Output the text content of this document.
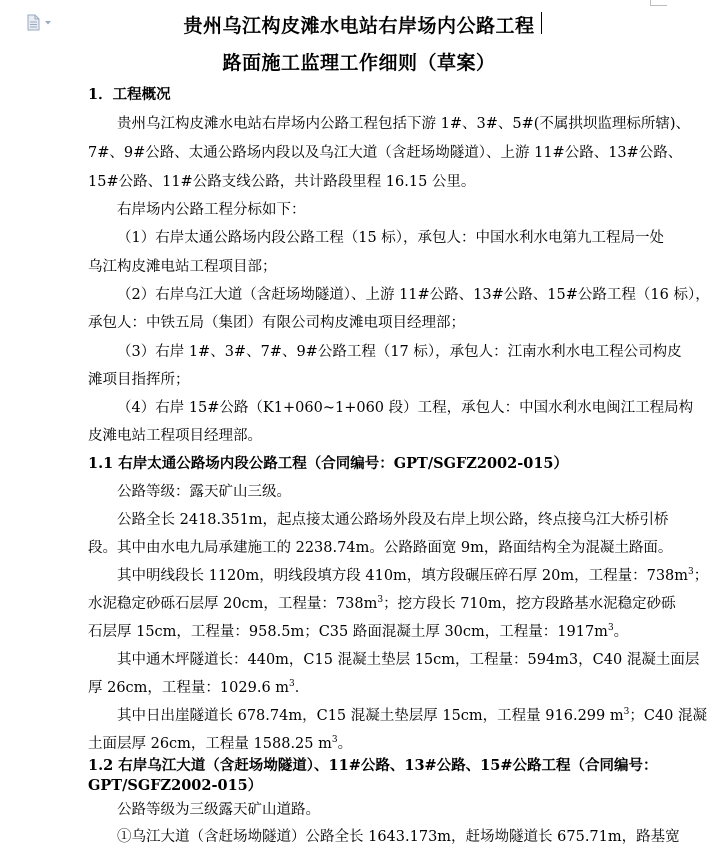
贵州乌江构皮滩水电站右岸场内公路工程
路面施工监理工作细则（草案）
1．工程概况
贵州乌江构皮滩水电站右岸场内公路工程包括下游 1#、3#、5#(不属拱坝监理标所辖)、
7#、9#公路、太通公路场内段以及乌江大道（含赶场坳隧道）、上游 11#公路、13#公路、
15#公路、11#公路支线公路，共计路段里程 16.15 公里。
右岸场内公路工程分标如下：
（1）右岸太通公路场内段公路工程（15 标），承包人：中国水利水电第九工程局一处
乌江构皮滩电站工程项目部；
（2）右岸乌江大道（含赶场坳隧道）、上游 11#公路、13#公路、15#公路工程（16 标），
承包人：中铁五局（集团）有限公司构皮滩电项目经理部；
（3）右岸 1#、3#、7#、9#公路工程（17 标），承包人：江南水利水电工程公司构皮
滩项目指挥所；
（4）右岸 15#公路（K1+060~1+060 段）工程，承包人：中国水利水电闽江工程局构
皮滩电站工程项目经理部。
1.1 右岸太通公路场内段公路工程（合同编号：GPT/SGFZ2002-015）
公路等级：露天矿山三级。
公路全长 2418.351m，起点接太通公路场外段及右岸上坝公路，终点接乌江大桥引桥
段。其中由水电九局承建施工的 2238.74m。公路路面宽 9m，路面结构全为混凝土路面。
其中明线段长 1120m，明线段填方段 410m，填方段碾压碎石厚 20m，工程量：$738m^3$；
水泥稳定砂砾石层厚 20cm，工程量：$738m^3$；挖方段长 710m，挖方段路基水泥稳定砂砾
石层厚 15cm，工程量：958.5m；C35 路面混凝土厚 30cm，工程量：$1917m^3$。
其中通木坪隧道长：440m，C15 混凝土垫层 15cm，工程量：594m3，C40 混凝土面层
厚 26cm，工程量：1029.6 $m^3$．
其中日出崖隧道长 678.74m，C15 混凝土垫层厚 15cm，工程量 916.299 $m^3$；C40 混凝
土面层厚 26cm，工程量 1588.25 $m^3$。
1.2 右岸乌江大道（含赶场坳隧道）、11#公路、13#公路、15#公路工程（合同编号：
GPT/SGFZ2002-015）
公路等级为三级露天矿山道路。
①乌江大道（含赶场坳隧道）公路全长 1643.173m，赶场坳隧道长 675.71m，路基宽
